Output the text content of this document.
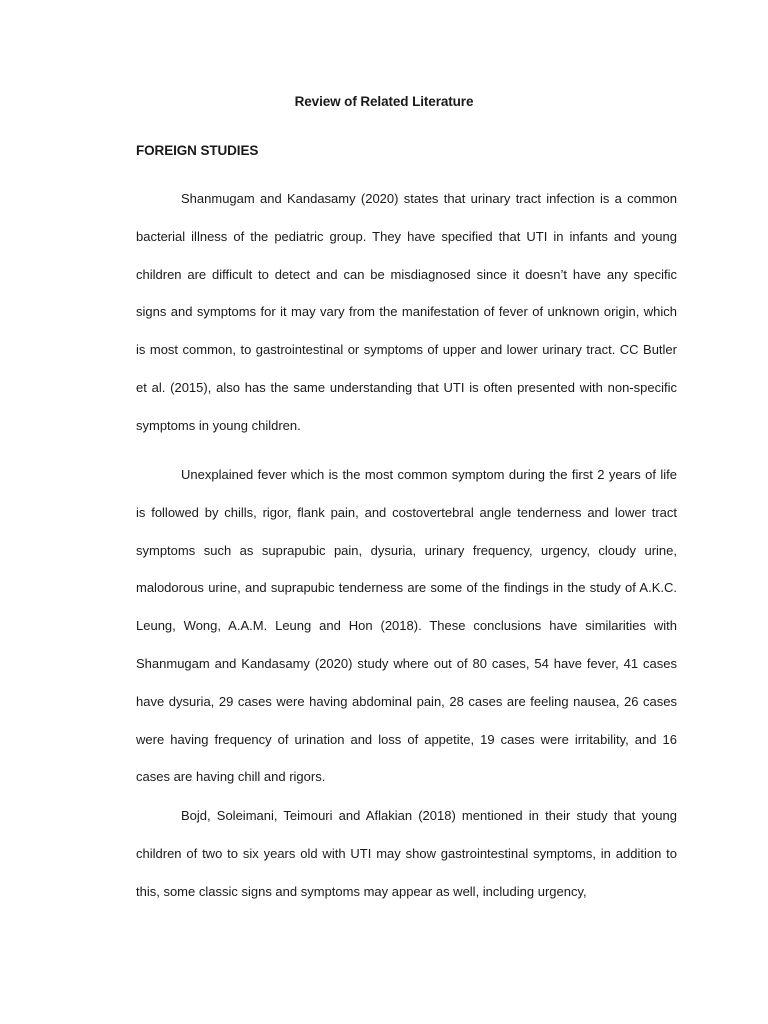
Review of Related Literature
FOREIGN STUDIES

Shanmugam and Kandasamy (2020) states that urinary tract infection is a common bacterial illness of the pediatric group. They have specified that UTI in infants and young children are difficult to detect and can be misdiagnosed since it doesn’t have any specific signs and symptoms for it may vary from the manifestation of fever of unknown origin, which is most common, to gastrointestinal or symptoms of upper and lower urinary tract. CC Butler et al. (2015), also has the same understanding that UTI is often presented with non-specific symptoms in young children.

Unexplained fever which is the most common symptom during the first 2 years of life is followed by chills, rigor, flank pain, and costovertebral angle tenderness and lower tract symptoms such as suprapubic pain, dysuria, urinary frequency, urgency, cloudy urine, malodorous urine, and suprapubic tenderness are some of the findings in the study of A.K.C. Leung, Wong, A.A.M. Leung and Hon (2018). These conclusions have similarities with Shanmugam and Kandasamy (2020) study where out of 80 cases, 54 have fever, 41 cases have dysuria, 29 cases were having abdominal pain, 28 cases are feeling nausea, 26 cases were having frequency of urination and loss of appetite, 19 cases were irritability, and 16 cases are having chill and rigors.

Bojd, Soleimani, Teimouri and Aflakian (2018) mentioned in their study that young children of two to six years old with UTI may show gastrointestinal symptoms, in addition to this, some classic signs and symptoms may appear as well, including urgency,
